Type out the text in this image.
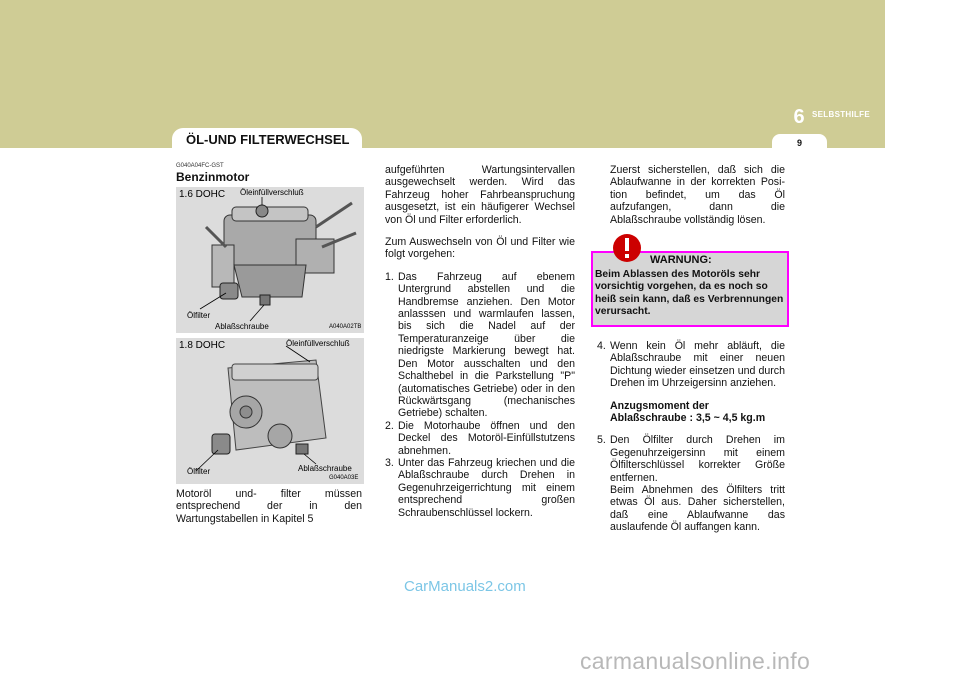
SELBSTHILFE
6
9
ÖL-UND FILTERWECHSEL
G040A04FC-GST
Benzinmotor
1.6 DOHC Öleinfüllverschluß
Ölfilter
Ablaßschraube	A040A02TB
1.8 DOHC	Öleinfüllverschluß
Ölfilter	Ablaßschraube
G040A03E

Motoröl und- filter müssen entsprechend der in den Wartungstabellen in Kapitel 5

aufgeführten Wartungsintervallen ausgewechselt werden. Wird das Fahrzeug hoher Fahrbeanspruchung ausgesetzt, ist ein häufigerer Wechsel von Öl und Filter erforderlich.

Zum Auswechseln von Öl und Filter wie folgt vorgehen:

1. Das Fahrzeug auf ebenem Untergrund abstellen und die Handbremse anziehen. Den Motor anlasssen und warmlaufen lassen, bis sich die Nadel auf der Temperaturanzeige über die niedrigste Markierung bewegt hat. Den Motor ausschalten und den Schalthebel in die Parkstellung "P" (automatisches Getriebe) oder in den Rückwärtsgang (mechanisches Getriebe) schalten.
2. Die Motorhaube öffnen und den Deckel des Motoröl-Einfüllstutzens abnehmen.
3. Unter das Fahrzeug kriechen und die Ablaßschraube durch Drehen in Gegenuhrzeigerrichtung mit einem entsprechend großen Schraubenschlüssel lockern.

Zuerst sicherstellen, daß sich die Ablaufwanne in der korrekten Posi-tion befindet, um das Öl aufzufangen, dann die Ablaßschraube vollständig lösen.

WARNUNG:
Beim Ablassen des Motoröls sehr vorsichtig vorgehen, da es noch so heiß sein kann, daß es Verbrennungen verursacht.
4. Wenn kein Öl mehr abläuft, die Ablaßschraube mit einer neuen Dichtung wieder einsetzen und durch Drehen im Uhrzeigersinn anziehen.
Anzugsmoment der
Ablaßschraube : 3,5 ~ 4,5 kg.m
5. Den Ölfilter durch Drehen im Gegenuhrzeigersinn mit einem Ölfilterschlüssel korrekter Größe entfernen.
Beim Abnehmen des Ölfilters tritt etwas Öl aus. Daher sicherstellen, daß eine Ablaufwanne das auslaufende Öl auffangen kann.
CarManuals2.com
carmanualsonline.info
